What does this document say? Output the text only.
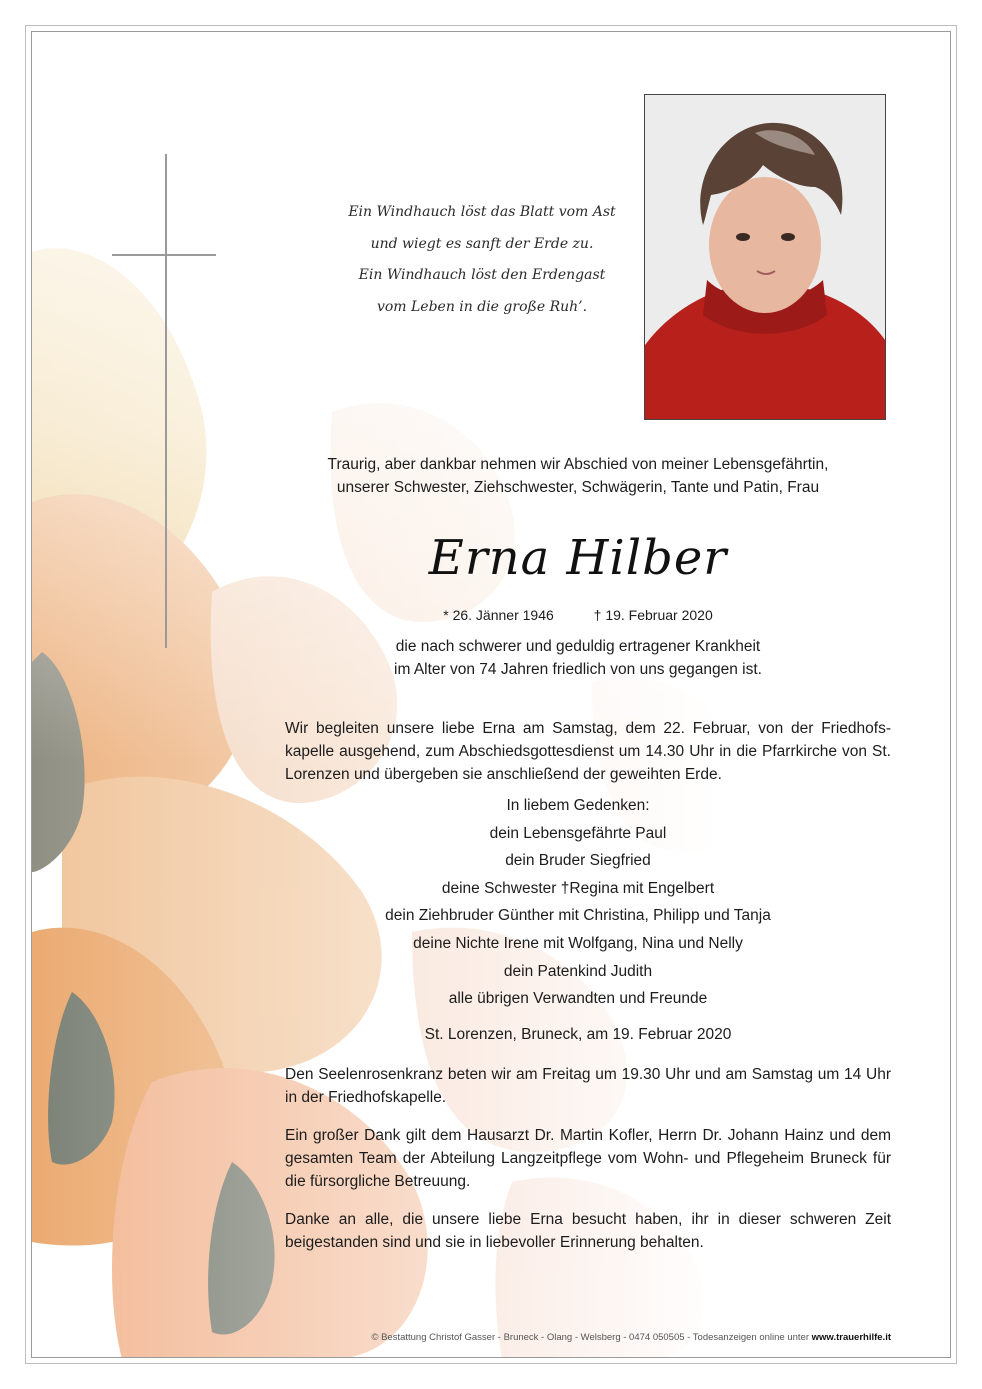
Ein Windhauch löst das Blatt vom Ast
und wiegt es sanft der Erde zu.
Ein Windhauch löst den Erdengast
vom Leben in die große Ruh’.
Traurig, aber dankbar nehmen wir Abschied von meiner Lebensgefährtin,
unserer Schwester, Ziehschwester, Schwägerin, Tante und Patin, Frau
Erna Hilber
* 26. Jänner 1946	† 19. Februar 2020
die nach schwerer und geduldig ertragener Krankheit
im Alter von 74 Jahren friedlich von uns gegangen ist.
Wir begleiten unsere liebe Erna am Samstag, dem 22. Februar, von der Friedhofs-kapelle ausgehend, zum Abschiedsgottesdienst um 14.30 Uhr in die Pfarrkirche von St. Lorenzen und übergeben sie anschließend der geweihten Erde.
In liebem Gedenken:
dein Lebensgefährte Paul
dein Bruder Siegfried
deine Schwester †Regina mit Engelbert
dein Ziehbruder Günther mit Christina, Philipp und Tanja
deine Nichte Irene mit Wolfgang, Nina und Nelly
dein Patenkind Judith
alle übrigen Verwandten und Freunde
St. Lorenzen, Bruneck, am 19. Februar 2020
Den Seelenrosenkranz beten wir am Freitag um 19.30 Uhr und am Samstag um 14 Uhr in der Friedhofskapelle.
Ein großer Dank gilt dem Hausarzt Dr. Martin Kofler, Herrn Dr. Johann Hainz und dem gesamten Team der Abteilung Langzeitpflege vom Wohn- und Pflegeheim Bruneck für die fürsorgliche Betreuung.
Danke an alle, die unsere liebe Erna besucht haben, ihr in dieser schweren Zeit beigestanden sind und sie in liebevoller Erinnerung behalten.
© Bestattung Christof Gasser - Bruneck - Olang - Welsberg - 0474 050505 - Todesanzeigen online unter www.trauerhilfe.it
